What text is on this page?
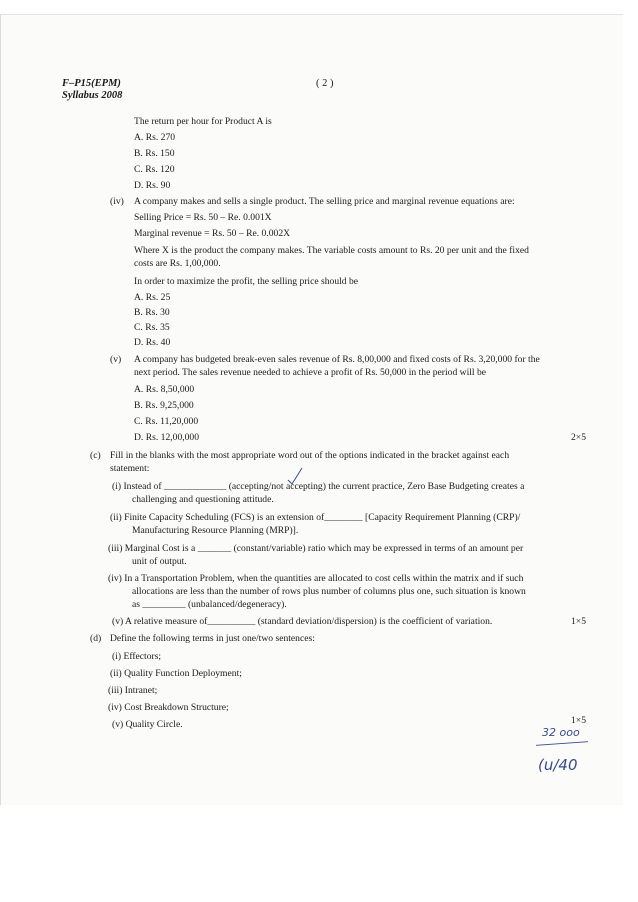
F–P15(EPM)
Syllabus 2008
( 2 )
The return per hour for Product A is
A. Rs. 270
B. Rs. 150
C. Rs. 120
D. Rs. 90
(iv) A company makes and sells a single product. The selling price and marginal revenue equations are:
Selling Price = Rs. 50 – Re. 0.001X
Marginal revenue = Rs. 50 – Re. 0.002X
Where X is the product the company makes. The variable costs amount to Rs. 20 per unit and the fixed
costs are Rs. 1,00,000.
In order to maximize the profit, the selling price should be
A. Rs. 25
B. Rs. 30
C. Rs. 35
D. Rs. 40
(v) A company has budgeted break-even sales revenue of Rs. 8,00,000 and fixed costs of Rs. 3,20,000 for the
next period. The sales revenue needed to achieve a profit of Rs. 50,000 in the period will be
A. Rs. 8,50,000
B. Rs. 9,25,000
C. Rs. 11,20,000
D. Rs. 12,00,000	2×5
(c) Fill in the blanks with the most appropriate word out of the options indicated in the bracket against each
statement:
(i) Instead of _____________ (accepting/not accepting) the current practice, Zero Base Budgeting creates a
challenging and questioning attitude.
(ii) Finite Capacity Scheduling (FCS) is an extension of________ [Capacity Requirement Planning (CRP)/
Manufacturing Resource Planning (MRP)].
(iii) Marginal Cost is a _______ (constant/variable) ratio which may be expressed in terms of an amount per
unit of output.
(iv) In a Transportation Problem, when the quantities are allocated to cost cells within the matrix and if such
allocations are less than the number of rows plus number of columns plus one, such situation is known
as _________ (unbalanced/degeneracy).
(v) A relative measure of__________ (standard deviation/dispersion) is the coefficient of variation.	1×5
(d) Define the following terms in just one/two sentences:
(i) Effectors;
(ii) Quality Function Deployment;
(iii) Intranet;
(iv) Cost Breakdown Structure;
(v) Quality Circle.	1×5
32 ooo
(u/40
